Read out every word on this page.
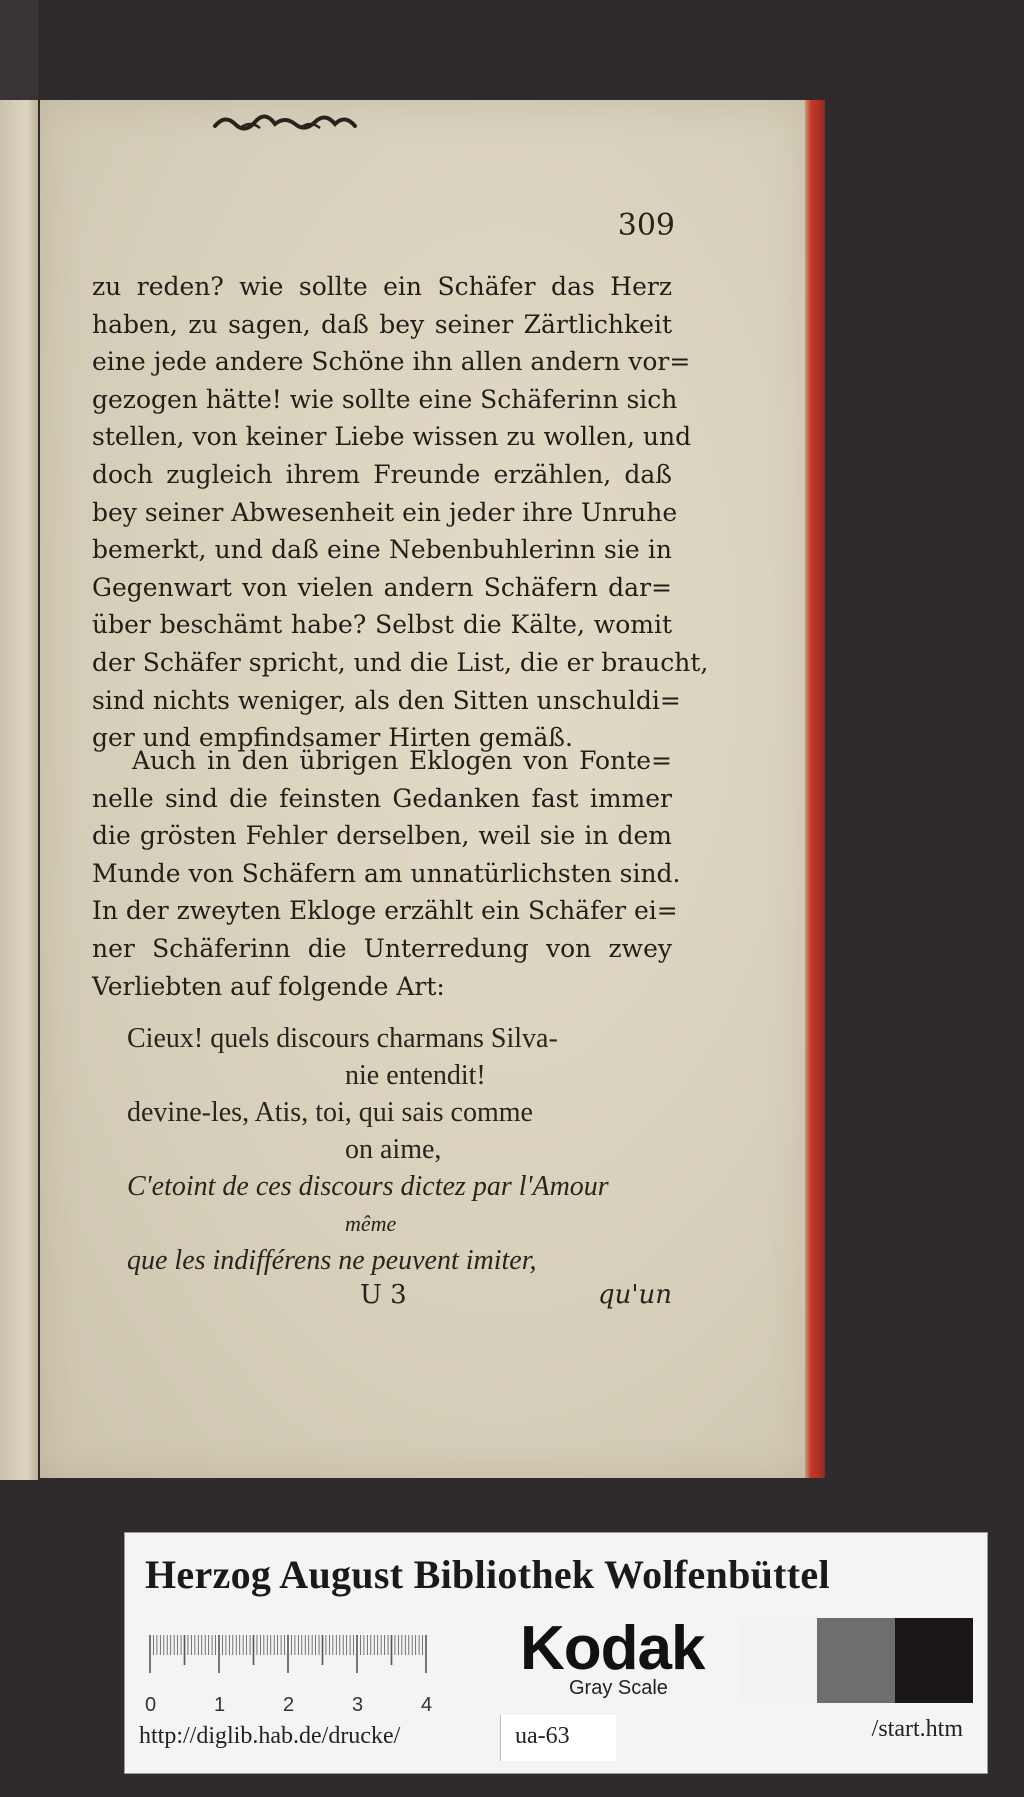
309
zu reden? wie sollte ein Schäfer das Herz
haben, zu sagen, daß bey seiner Zärtlichkeit
eine jede andere Schöne ihn allen andern vor=
gezogen hätte! wie sollte eine Schäferinn sich
stellen, von keiner Liebe wissen zu wollen, und
doch zugleich ihrem Freunde erzählen, daß
bey seiner Abwesenheit ein jeder ihre Unruhe
bemerkt, und daß eine Nebenbuhlerinn sie in
Gegenwart von vielen andern Schäfern dar=
über beschämt habe? Selbst die Kälte, womit
der Schäfer spricht, und die List, die er braucht,
sind nichts weniger, als den Sitten unschuldi=
ger und empfindsamer Hirten gemäß.
Auch in den übrigen Eklogen von Fonte=
nelle sind die feinsten Gedanken fast immer
die grösten Fehler derselben, weil sie in dem
Munde von Schäfern am unnatürlichsten sind.
In der zweyten Ekloge erzählt ein Schäfer ei=
ner Schäferinn die Unterredung von zwey
Verliebten auf folgende Art:
Cieux! quels discours charmans Silva-
nie entendit!
devine-les, Atis, toi, qui sais comme
on aime,
C'etoint de ces discours dictez par l'Amour
même
que les indifférens ne peuvent imiter,
U 3	qu'un
Herzog August Bibliothek Wolfenbüttel
0	1	2	3	4
Kodak
Gray Scale
http://diglib.hab.de/drucke/	ua-63	/start.htm
